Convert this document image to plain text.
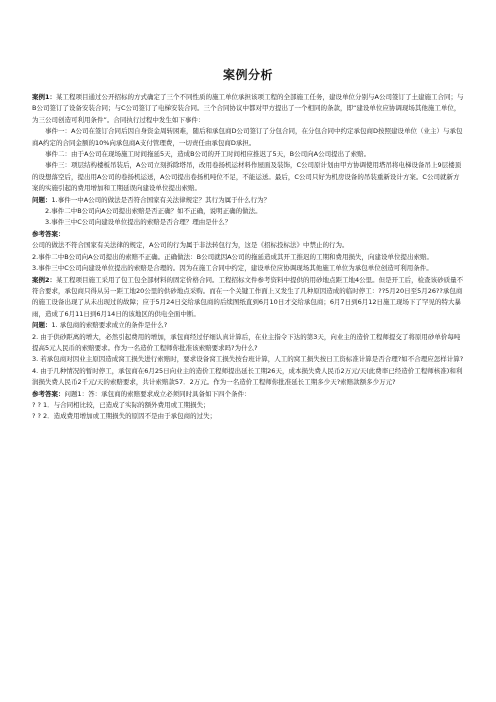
案例分析

案例1：某工程项目通过公开招标的方式确定了三个不同性质的施工单位承担该项工程的全部施工任务，建设单位分别与A公司签订了土建施工合同；与B公司签订了设备安装合同；与C公司签订了电梯安装合同。三个合同协议中都对甲方提出了一个相同的条款，即“建设单位应协调现场其他施工单位，为三公司创造可利用条件”。合同执行过程中发生如下事件：

事件一：A公司在签订合同后因自身资金周转困难，随后和承包商D公司签订了分包合同，在分包合同中约定承包商D按照建设单位（业主）与承包商A约定的合同金额的10%向承包商A支付管理费，一切责任由承包商D承担。

事件二：由于A公司在现场施工时间拖延5天，造成B公司的开工时间相应推迟了5天，B公司向A公司提出了索赔。

事件三：项层结构楼板吊装后，A公司立刻拆除塔吊，改用卷扬机运材料作屋面及装饰，C公司原计划由甲方协调使用塔吊将电梯设备吊上9层楼顶的设想落空后，提出用A公司的卷扬机运送，A公司提出卷扬机吨位不足，不能运送。最后，C公司只好为机房设备的吊装重新设计方案。C公司就新方案的实施引起的费用增加和工期延误向建设单位提出索赔。

问题：1.事件一中A公司的做法是否符合国家有关法律规定？其行为属于什么行为？

2.事件二中B公司向A公司提出索赔是否正确？如不正确，说明正确的做法。

3.事件三中C公司向建设单位提出的索赔是否合理？理由是什么？

参考答案：

公司的做法不符合国家有关法律的规定，A公司的行为属于非法转包行为，这是《招标投标法》中禁止的行为。

2.事件二中B公司向A公司提出的索赔不正确。正确做法：B公司就因A公司的拖延造成其开工推迟的工期和费用损失，向建设单位提出索赔。

3.事件三中C公司向建设单位提出的索赔是合理的。因为在施工合同中约定，建设单位应协调现场其他施工单位为承包单位创造可利用条件。

案例2：某工程项目施工采用了包工包全部材料的固定价格合同。工程招标文件参考资料中提供的用砂地点距工地4公里。但是开工后，检查该砂质量不符合要求，承包商只得从另一距工地20公里的供砂地点采购。而在一个关键工作面上又发生了几种原因造成的临时停工：??5月20日至5月26??承包商的施工设备出现了从未出现过的故障；应于5月24日交给承包商的后续图纸直到6月10日才交给承包商；6月7日到6月12日施工现场下了罕见的特大暴雨，造成了6月11日到6月14日的该地区的供电全面中断。

问题：1. 承包商的索赔要求成立的条件是什么?

2. 由于供砂距离的增大，必然引起费用的增加，承包商经过仔细认真计算后，在业主指令下达的第3天，向业主的造价工程师提交了将原用砂单价每吨提高5元人民币的索赔要求。作为一名造价工程师你批准该索赔要求吗?为什么?

3. 若承包商对因业主原因造成窝工损失进行索赔时，要求设备窝工损失按台班计算，人工的窝工损失按日工资标准计算是否合理?如不合理应怎样计算?

4. 由于几种情况的暂时停工，承包商在6月25日向业主的造价工程师提出延长工期26天，成本损失费人民币2万元/天(此费率已经造价工程师核准)和利润损失费人民币2千元/天的索赔要求，共计索赔款57．2万元。作为一名造价工程师你批准延长工期多少天?索赔款额多少万元?

参考答案：问题1：答：承包商的索赔要求成立必须同时具备如下四个条件：

? ? 1．与合同相比较，已造成了实际的额外费用或工期损失；

? ? 2．造成费用增加或工期损失的原因不是由于承包商的过失；
